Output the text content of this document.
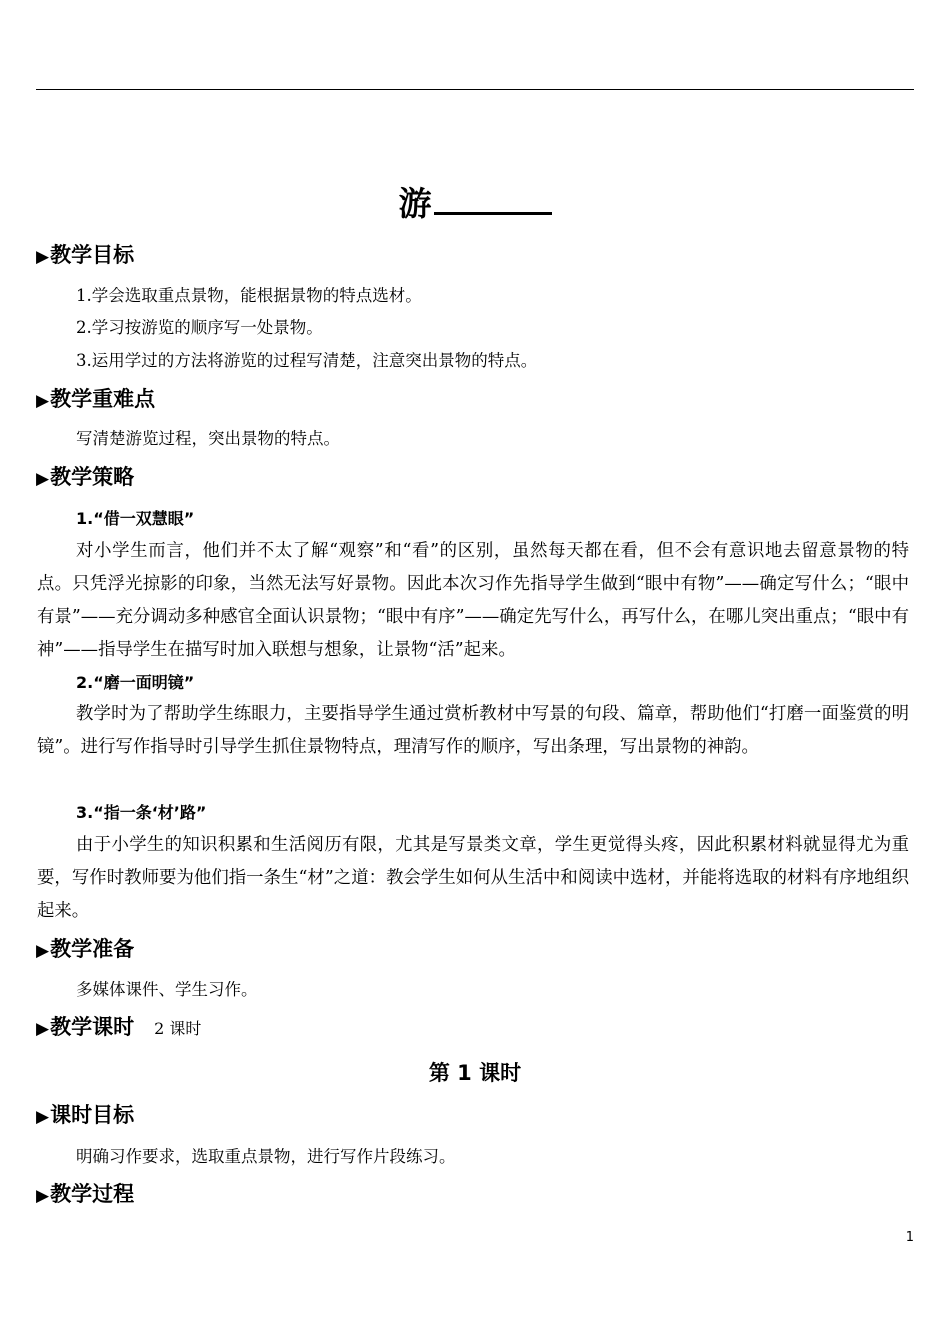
游
▶教学目标
1.学会选取重点景物，能根据景物的特点选材。
2.学习按游览的顺序写一处景物。
3.运用学过的方法将游览的过程写清楚，注意突出景物的特点。
▶教学重难点
写清楚游览过程，突出景物的特点。
▶教学策略
1.“借一双慧眼”
对小学生而言，他们并不太了解“观察”和“看”的区别，虽然每天都在看，但不会有意识地去留意景物的特点。只凭浮光掠影的印象，当然无法写好景物。因此本次习作先指导学生做到“眼中有物”——确定写什么；“眼中有景”——充分调动多种感官全面认识景物；“眼中有序”——确定先写什么，再写什么，在哪儿突出重点；“眼中有神”——指导学生在描写时加入联想与想象，让景物“活”起来。
2.“磨一面明镜”
教学时为了帮助学生练眼力，主要指导学生通过赏析教材中写景的句段、篇章，帮助他们“打磨一面鉴赏的明镜”。进行写作指导时引导学生抓住景物特点，理清写作的顺序，写出条理，写出景物的神韵。
3.“指一条‘材’路”
由于小学生的知识积累和生活阅历有限，尤其是写景类文章，学生更觉得头疼，因此积累材料就显得尤为重要，写作时教师要为他们指一条生“材”之道：教会学生如何从生活中和阅读中选材，并能将选取的材料有序地组织起来。
▶教学准备
多媒体课件、学生习作。
▶教学课时 2 课时
第 1 课时
▶课时目标
明确习作要求，选取重点景物，进行写作片段练习。
▶教学过程
1
